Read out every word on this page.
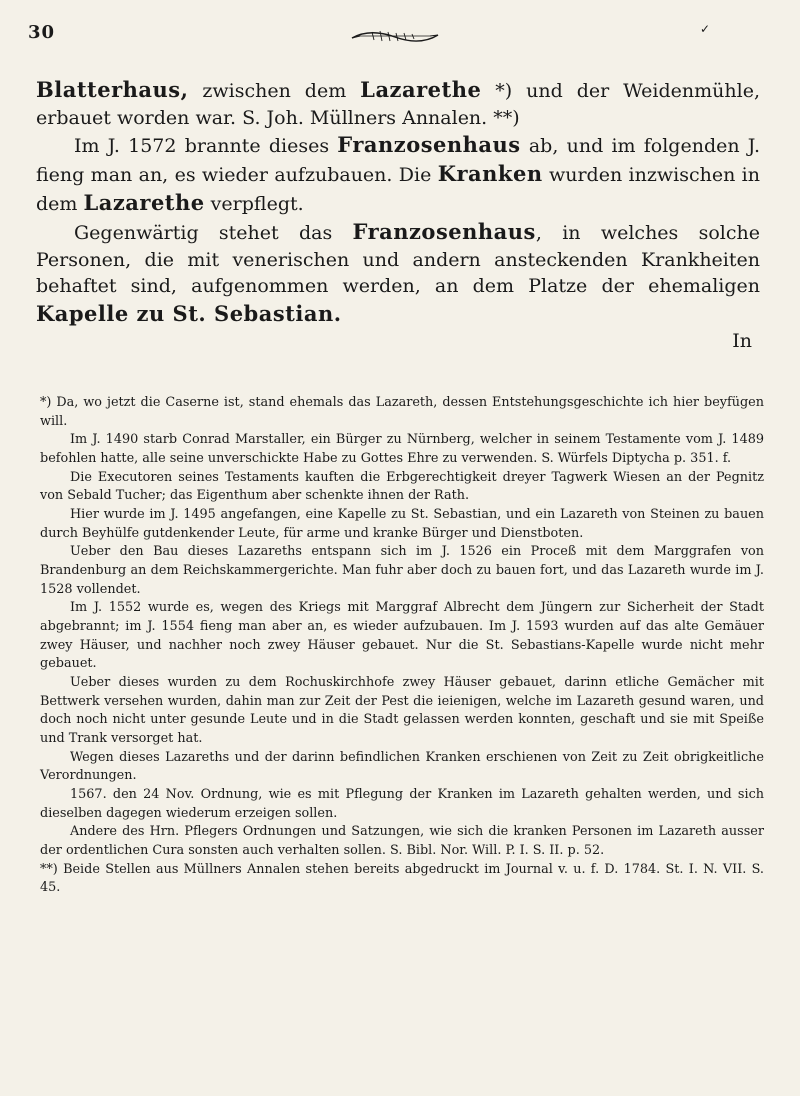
30	✓

Blatterhaus, zwischen dem Lazarethe *) und der Weidenmühle, erbauet worden war. S. Joh. Müllners Annalen. **)

Im J. 1572 brannte dieses Franzosenhaus ab, und im folgenden J. fieng man an, es wieder aufzubauen. Die Kranken wurden inzwischen in dem Lazarethe verpflegt.

Gegenwärtig stehet das Franzosenhaus, in welches solche Personen, die mit venerischen und andern ansteckenden Krankheiten behaftet sind, aufgenommen werden, an dem Platze der ehemaligen Kapelle zu St. Sebastian.

In

*) Da, wo jetzt die Caserne ist, stand ehemals das Lazareth, dessen Entstehungsgeschichte ich hier beyfügen will.

Im J. 1490 starb Conrad Marstaller, ein Bürger zu Nürnberg, welcher in seinem Testamente vom J. 1489 befohlen hatte, alle seine unverschickte Habe zu Gottes Ehre zu verwenden. S. Würfels Diptycha p. 351. f.

Die Executoren seines Testaments kauften die Erbgerechtigkeit dreyer Tagwerk Wiesen an der Pegnitz von Sebald Tucher; das Eigenthum aber schenkte ihnen der Rath.

Hier wurde im J. 1495 angefangen, eine Kapelle zu St. Sebastian, und ein Lazareth von Steinen zu bauen durch Beyhülfe gutdenkender Leute, für arme und kranke Bürger und Dienstboten.

Ueber den Bau dieses Lazareths entspann sich im J. 1526 ein Proceß mit dem Marggrafen von Brandenburg an dem Reichskammergerichte. Man fuhr aber doch zu bauen fort, und das Lazareth wurde im J. 1528 vollendet.

Im J. 1552 wurde es, wegen des Kriegs mit Marggraf Albrecht dem Jüngern zur Sicherheit der Stadt abgebrannt; im J. 1554 fieng man aber an, es wieder aufzubauen. Im J. 1593 wurden auf das alte Gemäuer zwey Häuser, und nachher noch zwey Häuser gebauet. Nur die St. Sebastians-Kapelle wurde nicht mehr gebauet.

Ueber dieses wurden zu dem Rochuskirchhofe zwey Häuser gebauet, darinn etliche Gemächer mit Bettwerk versehen wurden, dahin man zur Zeit der Pest die ieienigen, welche im Lazareth gesund waren, und doch noch nicht unter gesunde Leute und in die Stadt gelassen werden konnten, geschaft und sie mit Speiße und Trank versorget hat.

Wegen dieses Lazareths und der darinn befindlichen Kranken erschienen von Zeit zu Zeit obrigkeitliche Verordnungen.

1567. den 24 Nov. Ordnung, wie es mit Pflegung der Kranken im Lazareth gehalten werden, und sich dieselben dagegen wiederum erzeigen sollen.

Andere des Hrn. Pflegers Ordnungen und Satzungen, wie sich die kranken Personen im Lazareth ausser der ordentlichen Cura sonsten auch verhalten sollen. S. Bibl. Nor. Will. P. I. S. II. p. 52.

**) Beide Stellen aus Müllners Annalen stehen bereits abgedruckt im Journal v. u. f. D. 1784. St. I. N. VII. S. 45.
